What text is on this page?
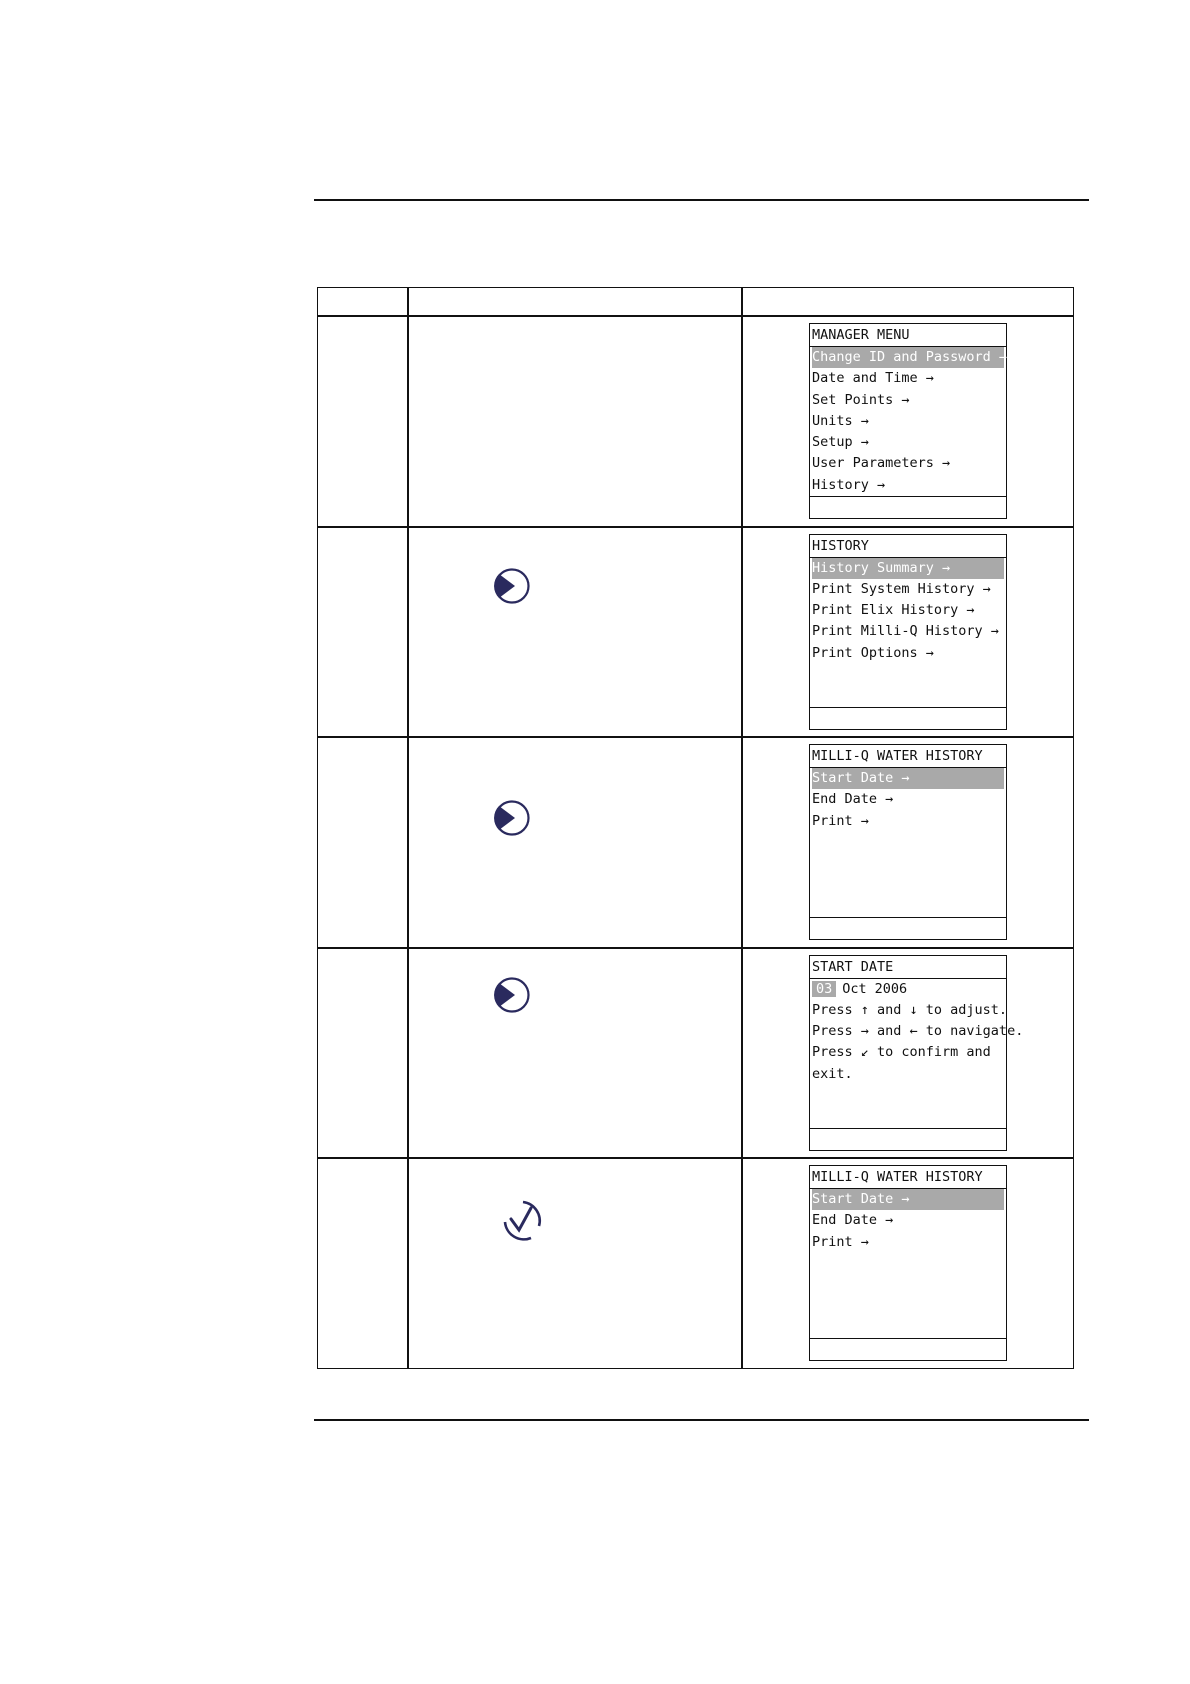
MANAGER MENU
Change ID and Password →
Date and Time →
Set Points →
Units →
Setup →
User Parameters →
History →
HISTORY
History Summary →
Print System History →
Print Elix History →
Print Milli-Q History →
Print Options →
MILLI-Q WATER HISTORY
Start Date →
End Date →
Print →
START DATE
03 Oct 2006
Press ↑ and ↓ to adjust.
Press → and ← to navigate.
Press ↙ to confirm and
exit.
MILLI-Q WATER HISTORY
Start Date →
End Date →
Print →
